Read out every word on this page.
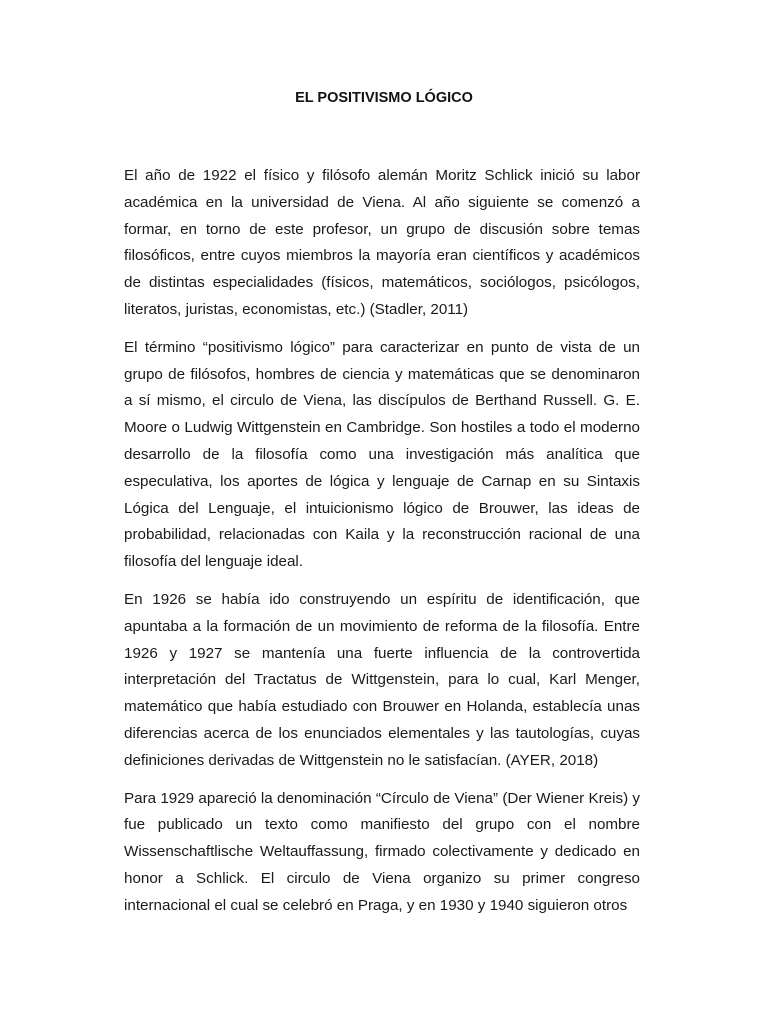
EL POSITIVISMO LÓGICO

El año de 1922 el físico y filósofo alemán Moritz Schlick inició su labor académica en la universidad de Viena. Al año siguiente se comenzó a formar, en torno de este profesor, un grupo de discusión sobre temas filosóficos, entre cuyos miembros la mayoría eran científicos y académicos de distintas especialidades (físicos, matemáticos, sociólogos, psicólogos, literatos, juristas, economistas, etc.) (Stadler, 2011)

El término “positivismo lógico” para caracterizar en punto de vista de un grupo de filósofos, hombres de ciencia y matemáticas que se denominaron a sí mismo, el circulo de Viena, las discípulos de Berthand Russell. G. E. Moore o Ludwig Wittgenstein en Cambridge. Son hostiles a todo el moderno desarrollo de la filosofía como una investigación más analítica que especulativa, los aportes de lógica y lenguaje de Carnap en su Sintaxis Lógica del Lenguaje, el intuicionismo lógico de Brouwer, las ideas de probabilidad, relacionadas con Kaila y la reconstrucción racional de una filosofía del lenguaje ideal.

En 1926 se había ido construyendo un espíritu de identificación, que apuntaba a la formación de un movimiento de reforma de la filosofía. Entre 1926 y 1927 se mantenía una fuerte influencia de la controvertida interpretación del Tractatus de Wittgenstein, para lo cual, Karl Menger, matemático que había estudiado con Brouwer en Holanda, establecía unas diferencias acerca de los enunciados elementales y las tautologías, cuyas definiciones derivadas de Wittgenstein no le satisfacían. (AYER, 2018)

Para 1929 apareció la denominación “Círculo de Viena” (Der Wiener Kreis) y fue publicado un texto como manifiesto del grupo con el nombre Wissenschaftlische Weltauffassung, firmado colectivamente y dedicado en honor a Schlick. El circulo de Viena organizo su primer congreso internacional el cual se celebró en Praga, y en 1930 y 1940 siguieron otros
